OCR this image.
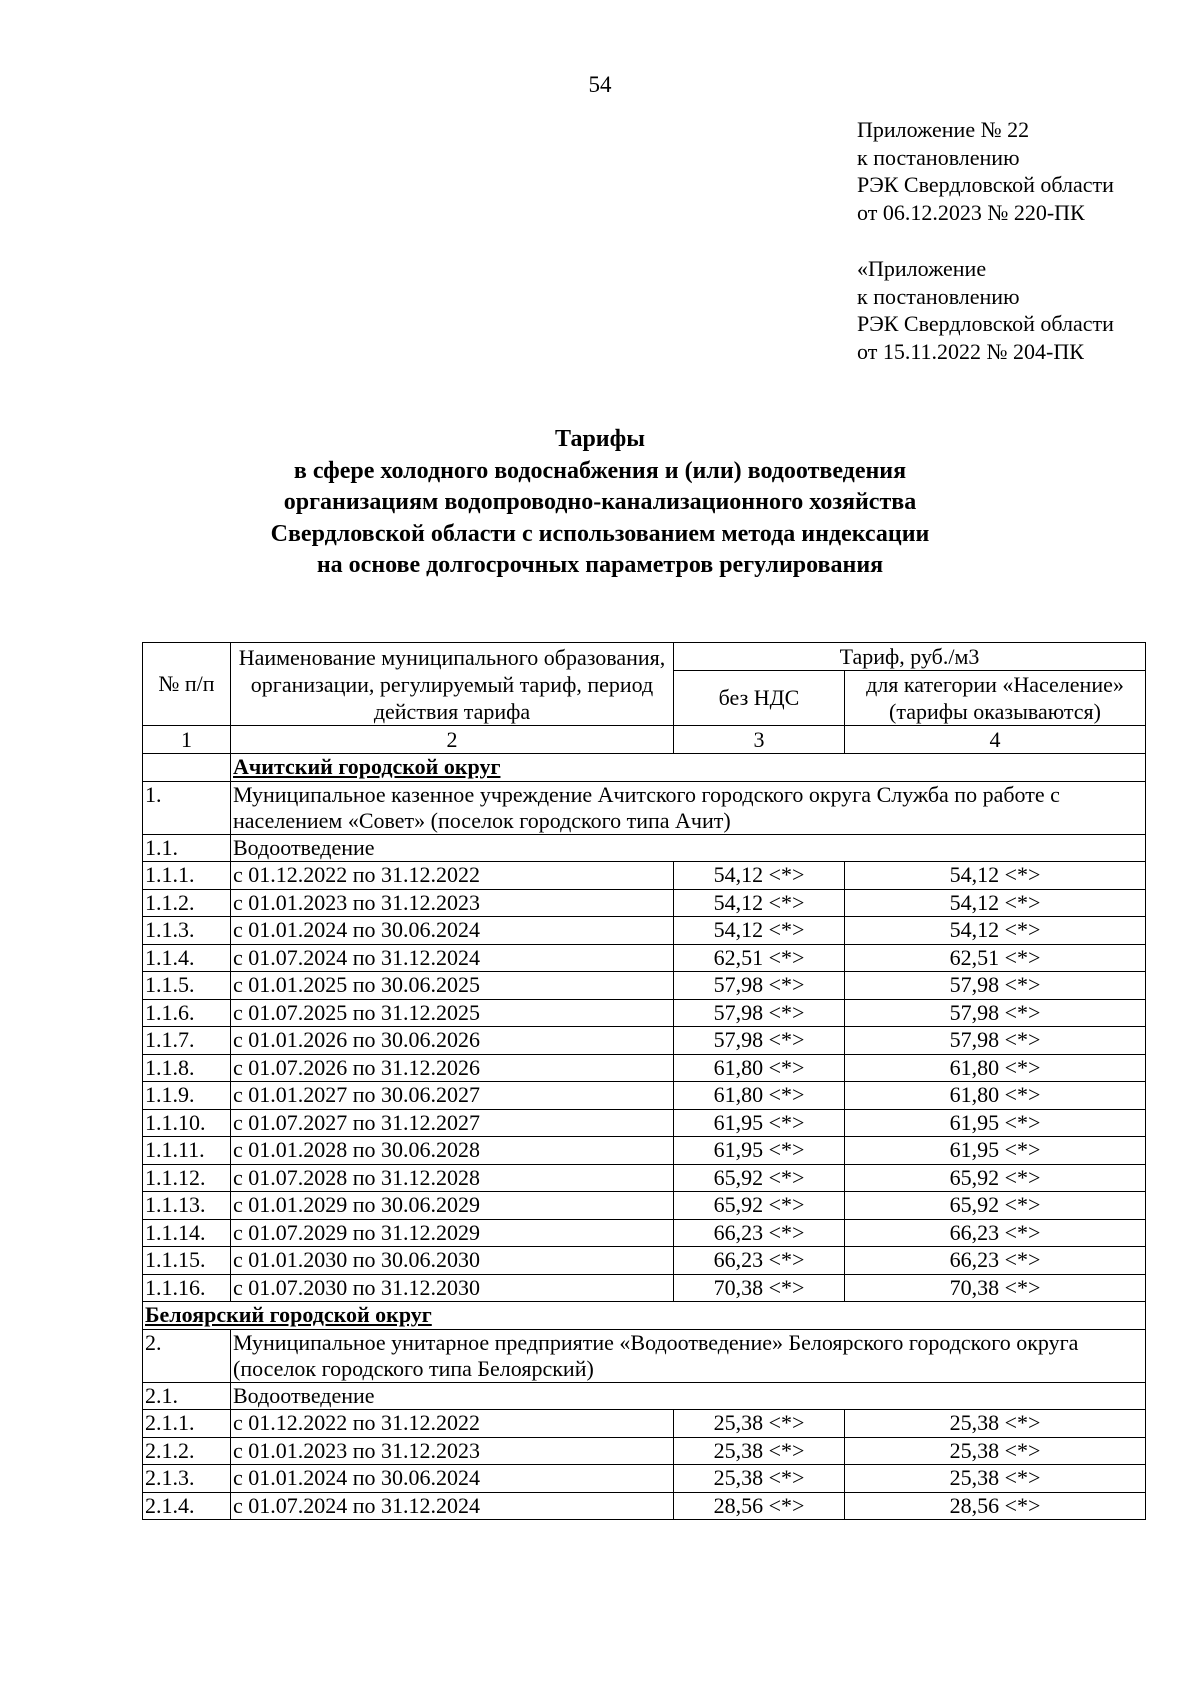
54
Приложение № 22
к постановлению
РЭК Свердловской области
от 06.12.2023 № 220-ПК
«Приложение
к постановлению
РЭК Свердловской области
от 15.11.2022 № 204-ПК
Тарифы
в сфере холодного водоснабжения и (или) водоотведения
организациям водопроводно-канализационного хозяйства
Свердловской области с использованием метода индексации
на основе долгосрочных параметров регулирования
№ п/п	Наименование муниципального образования, организации, регулируемый тариф, период действия тарифа	Тариф, руб./м3	
		без НДС	для категории «Население» (тарифы оказываются)

1	2	3	4
	Ачитский городской округ		
1.	Муниципальное казенное учреждение Ачитского городского округа Служба по работе с населением «Совет» (поселок городского типа Ачит)		
1.1.	Водоотведение		
1.1.1.	с 01.12.2022 по 31.12.2022	54,12 <*>	54,12 <*>
1.1.2.	с 01.01.2023 по 31.12.2023	54,12 <*>	54,12 <*>
1.1.3.	с 01.01.2024 по 30.06.2024	54,12 <*>	54,12 <*>
1.1.4.	с 01.07.2024 по 31.12.2024	62,51 <*>	62,51 <*>
1.1.5.	с 01.01.2025 по 30.06.2025	57,98 <*>	57,98 <*>
1.1.6.	с 01.07.2025 по 31.12.2025	57,98 <*>	57,98 <*>
1.1.7.	с 01.01.2026 по 30.06.2026	57,98 <*>	57,98 <*>
1.1.8.	с 01.07.2026 по 31.12.2026	61,80 <*>	61,80 <*>
1.1.9.	с 01.01.2027 по 30.06.2027	61,80 <*>	61,80 <*>
1.1.10.	с 01.07.2027 по 31.12.2027	61,95 <*>	61,95 <*>
1.1.11.	с 01.01.2028 по 30.06.2028	61,95 <*>	61,95 <*>
1.1.12.	с 01.07.2028 по 31.12.2028	65,92 <*>	65,92 <*>
1.1.13.	с 01.01.2029 по 30.06.2029	65,92 <*>	65,92 <*>
1.1.14.	с 01.07.2029 по 31.12.2029	66,23 <*>	66,23 <*>
1.1.15.	с 01.01.2030 по 30.06.2030	66,23 <*>	66,23 <*>
1.1.16.	с 01.07.2030 по 31.12.2030	70,38 <*>	70,38 <*>
Белоярский городской округ			
2.	Муниципальное унитарное предприятие «Водоотведение» Белоярского городского округа (поселок городского типа Белоярский)		
2.1.	Водоотведение		
2.1.1.	с 01.12.2022 по 31.12.2022	25,38 <*>	25,38 <*>
2.1.2.	с 01.01.2023 по 31.12.2023	25,38 <*>	25,38 <*>
2.1.3.	с 01.01.2024 по 30.06.2024	25,38 <*>	25,38 <*>
2.1.4.	с 01.07.2024 по 31.12.2024	28,56 <*>	28,56 <*>
